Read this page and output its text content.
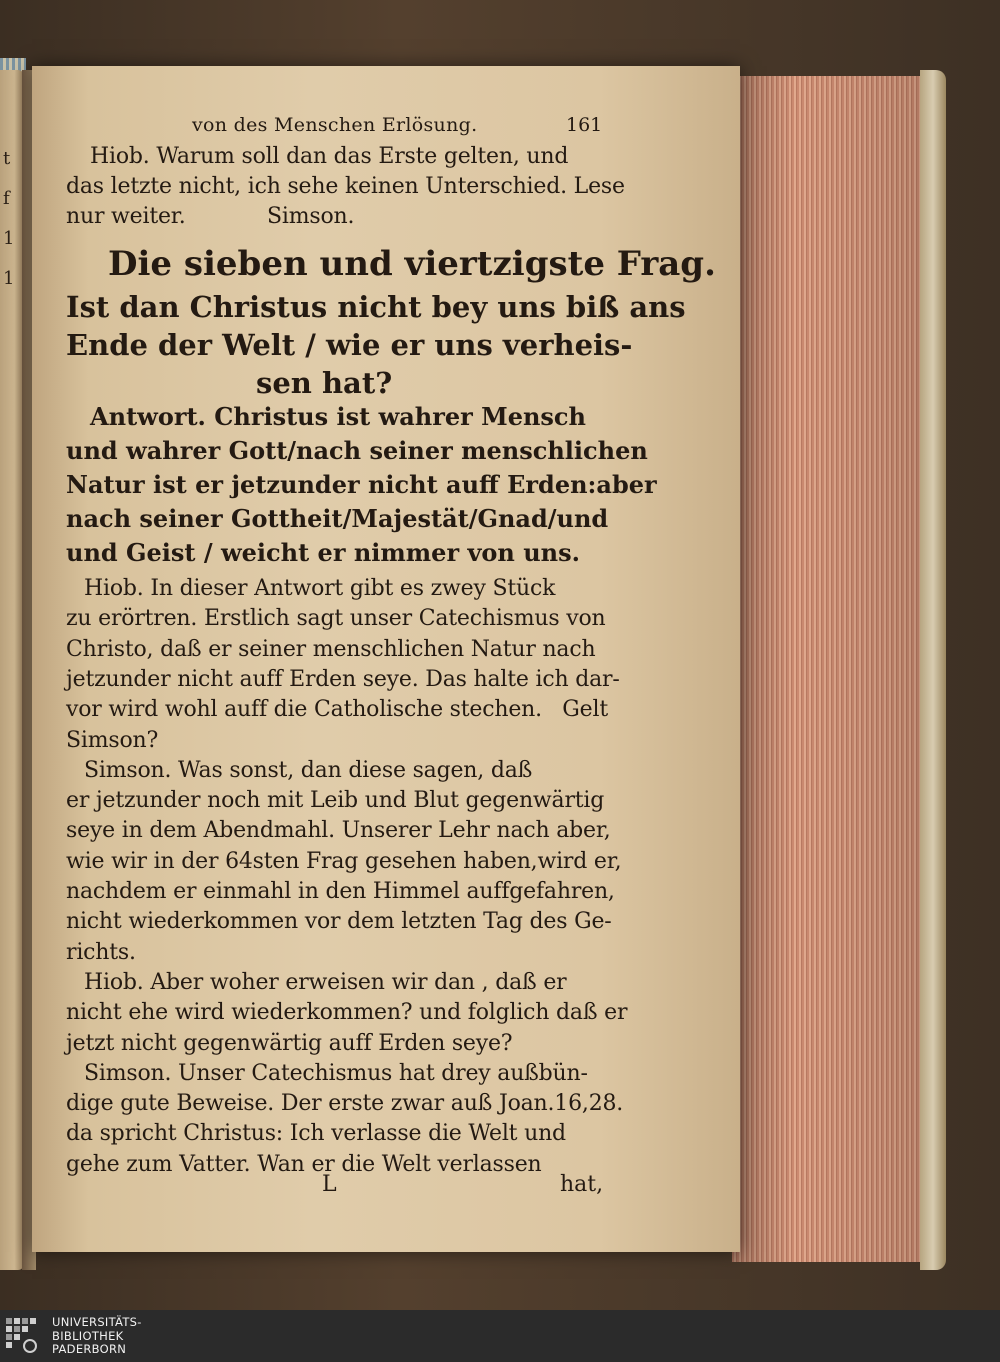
t
f
1
1
von des Menschen Erlösung.	161
Hiob. Warum soll dan das Erste gelten, und
das letzte nicht, ich sehe keinen Unterschied. Lese
nur weiter.            Simson.
Die sieben und viertzigste Frag.
Ist dan Christus nicht bey uns biß ans
Ende der Welt / wie er uns verheis-
sen hat?
Antwort. Christus ist wahrer Mensch
und wahrer Gott/nach seiner menschlichen
Natur ist er jetzunder nicht auff Erden:aber
nach seiner Gottheit/Majestät/Gnad/und
und Geist / weicht er nimmer von uns.
Hiob. In dieser Antwort gibt es zwey Stück
zu erörtren. Erstlich sagt unser Catechismus von
Christo, daß er seiner menschlichen Natur nach
jetzunder nicht auff Erden seye. Das halte ich dar-
vor wird wohl auff die Catholische stechen.   Gelt
Simson?
Simson. Was sonst, dan diese sagen, daß
er jetzunder noch mit Leib und Blut gegenwärtig
seye in dem Abendmahl. Unserer Lehr nach aber,
wie wir in der 64sten Frag gesehen haben,wird er,
nachdem er einmahl in den Himmel auffgefahren,
nicht wiederkommen vor dem letzten Tag des Ge-
richts.
Hiob. Aber woher erweisen wir dan , daß er
nicht ehe wird wiederkommen? und folglich daß er
jetzt nicht gegenwärtig auff Erden seye?
Simson. Unser Catechismus hat drey außbün-
dige gute Beweise. Der erste zwar auß Joan.16,28.
da spricht Christus: Ich verlasse die Welt und
gehe zum Vatter. Wan er die Welt verlassen
L	hat,
UNIVERSITÄTS-
BIBLIOTHEK
PADERBORN
